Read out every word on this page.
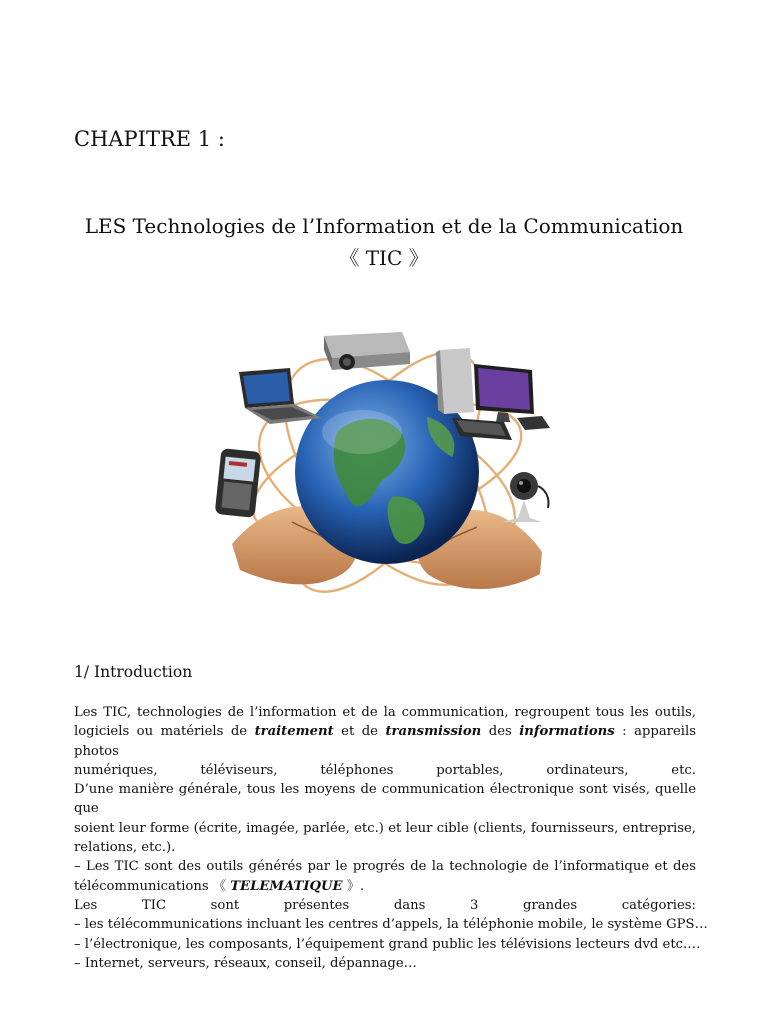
CHAPITRE 1 :
LES Technologies de l’Information et de la Communication
《 TIC 》
1/ Introduction
Les TIC, technologies de l’information et de la communication, regroupent tous les outils,
logiciels ou matériels de traitement et de transmission des informations : appareils photos
numériques, téléviseurs, téléphones portables, ordinateurs, etc.
D’une manière générale, tous les moyens de communication électronique sont visés, quelle que
soient leur forme (écrite, imagée, parlée, etc.) et leur cible (clients, fournisseurs, entreprise,
relations, etc.).
– Les TIC sont des outils générés par le progrés de la technologie de l’informatique et des
télécommunications 《 TELEMATIQUE 》.
Les TIC sont présentes dans 3 grandes catégories:
– les télécommunications incluant les centres d’appels, la téléphonie mobile, le système GPS…
– l’électronique, les composants, l’équipement grand public les télévisions lecteurs dvd etc.…
– Internet, serveurs, réseaux, conseil, dépannage…
